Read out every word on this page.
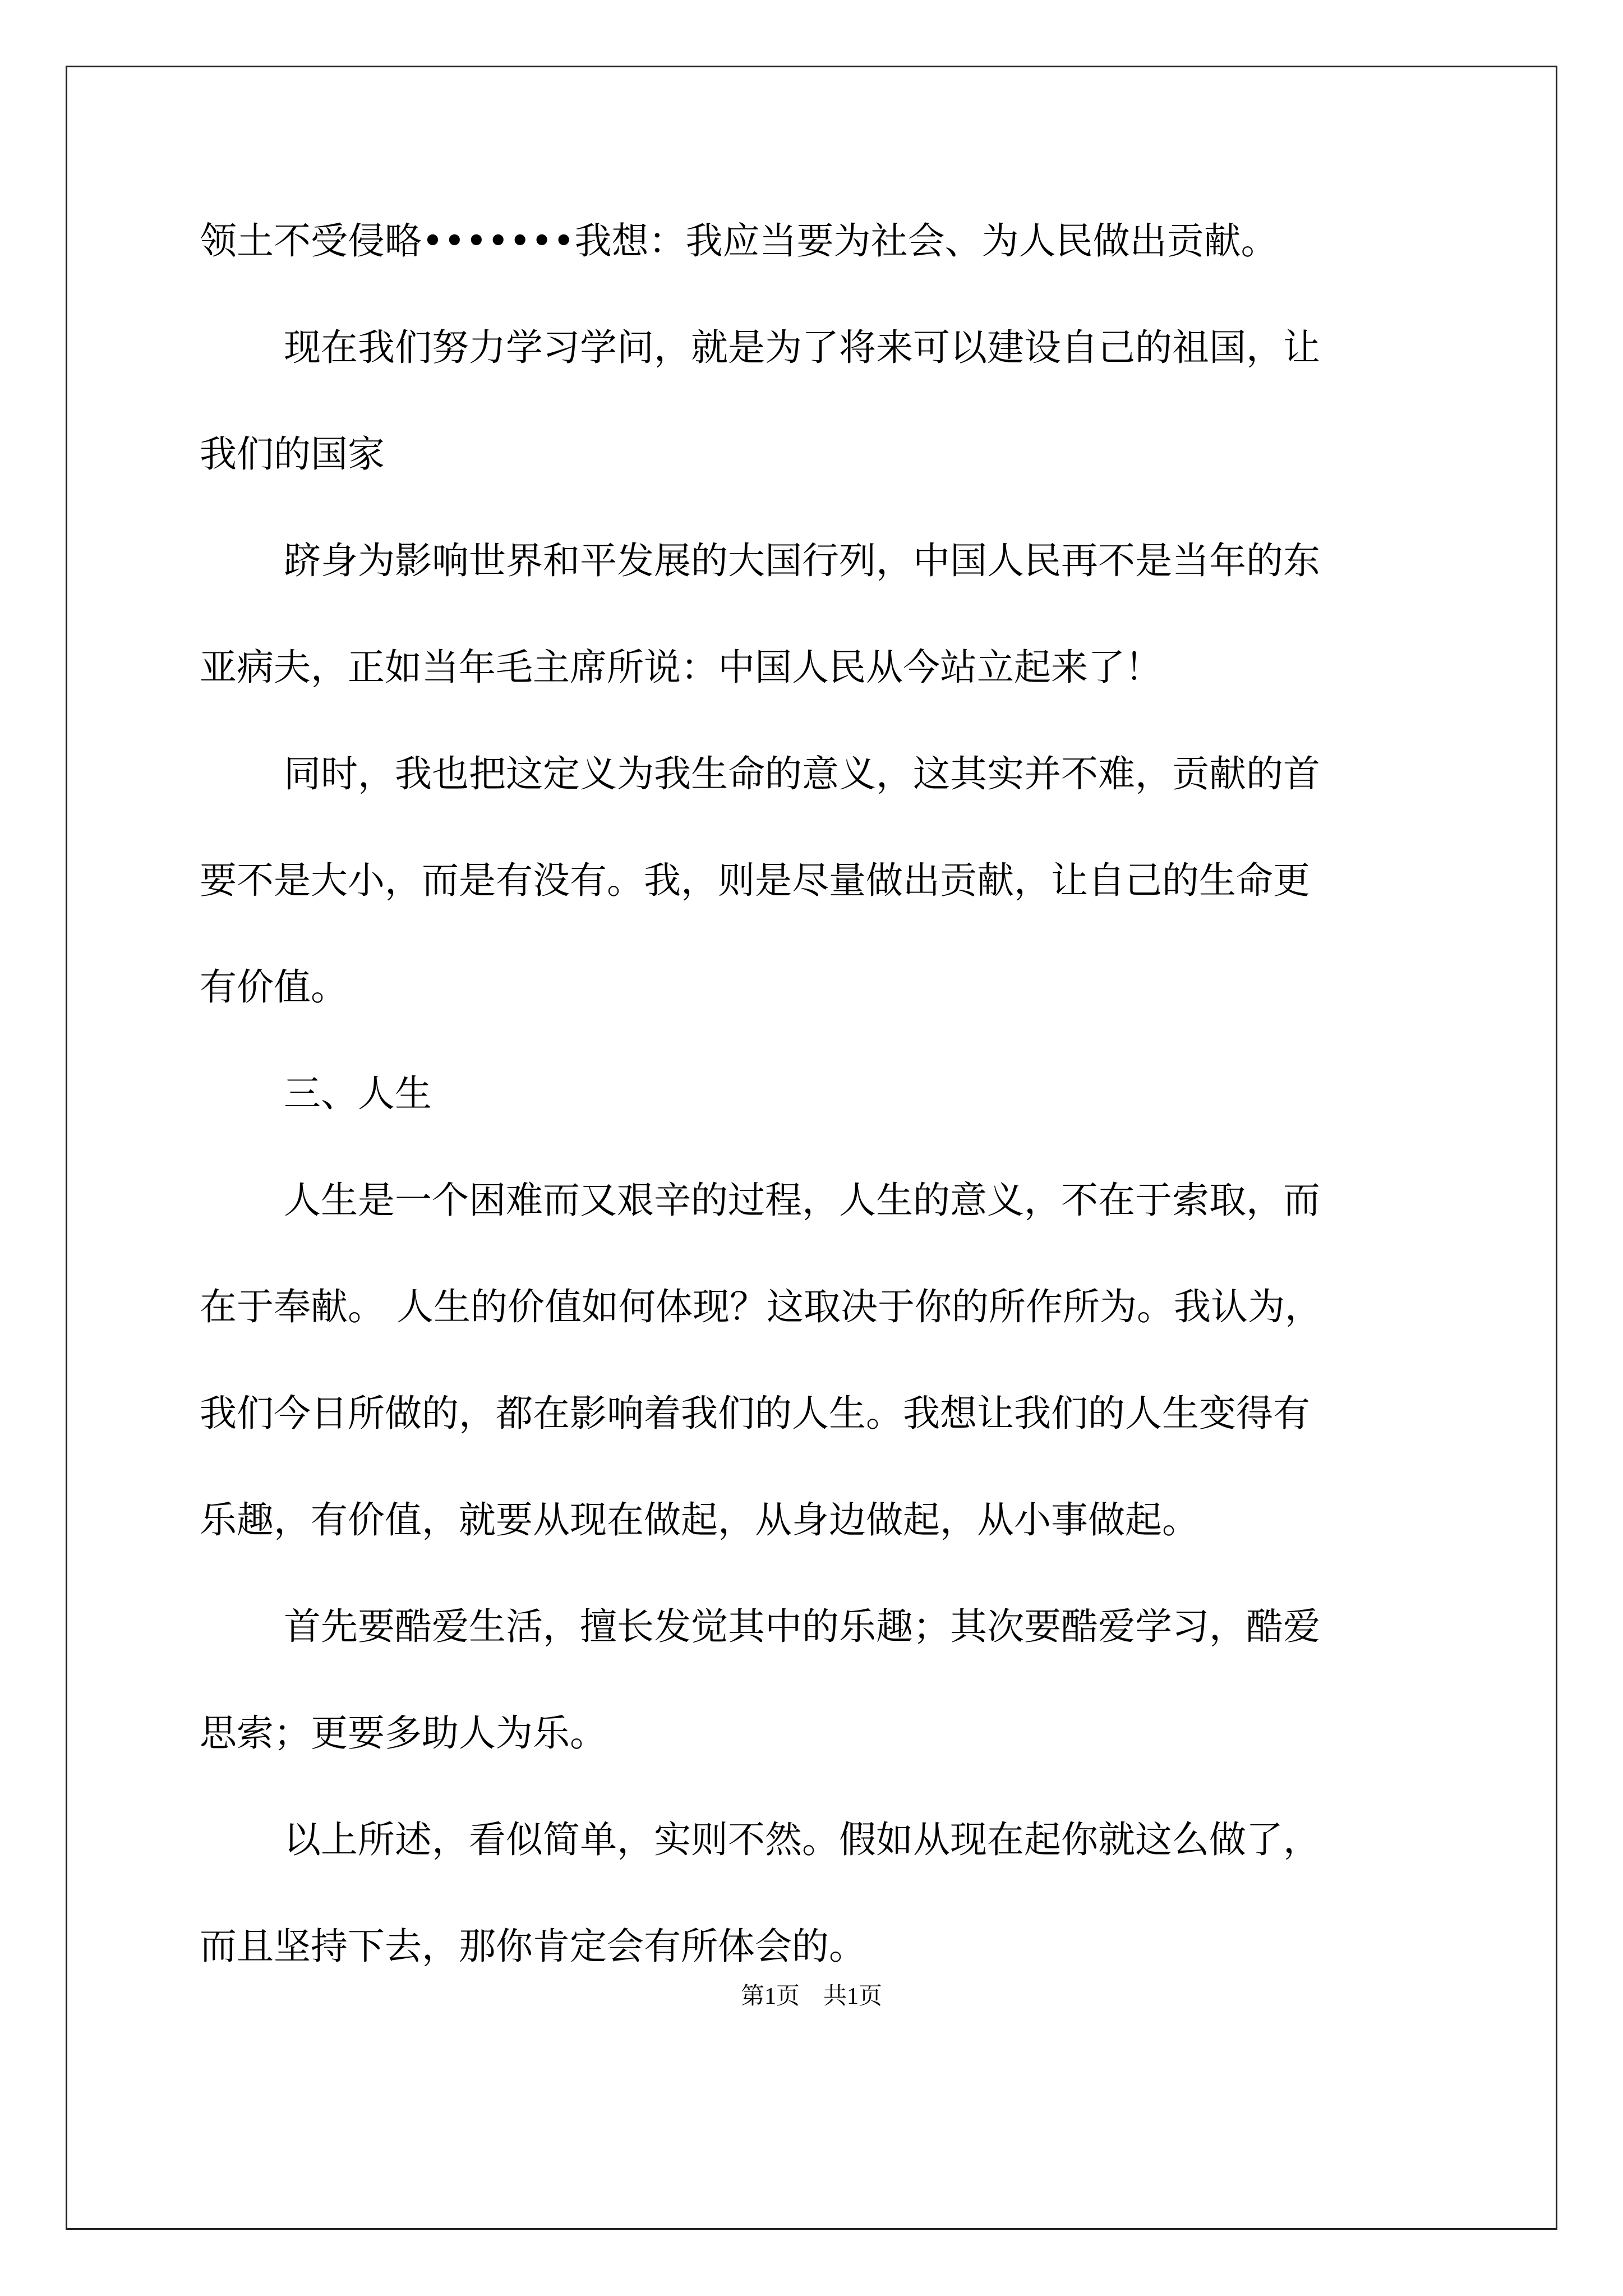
领土不受侵略•••••••我想：我应当要为社会、为人民做出贡献。
现在我们努力学习学问，就是为了将来可以建设自己的祖国，让
我们的国家
跻身为影响世界和平发展的大国行列，中国人民再不是当年的东
亚病夫，正如当年毛主席所说：中国人民从今站立起来了！
同时，我也把这定义为我生命的意义，这其实并不难，贡献的首
要不是大小，而是有没有。我，则是尽量做出贡献，让自己的生命更
有价值。
三、人生
人生是一个困难而又艰辛的过程，人生的意义，不在于索取，而
在于奉献。 人生的价值如何体现？这取决于你的所作所为。我认为，
我们今日所做的，都在影响着我们的人生。我想让我们的人生变得有
乐趣，有价值，就要从现在做起，从身边做起，从小事做起。
首先要酷爱生活，擅长发觉其中的乐趣；其次要酷爱学习，酷爱
思索；更要多助人为乐。
以上所述，看似简单，实则不然。假如从现在起你就这么做了，
而且坚持下去，那你肯定会有所体会的。
第1页　共1页
